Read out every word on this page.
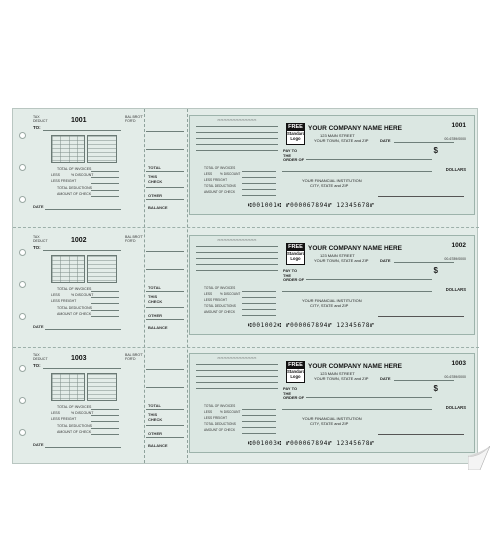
TAX DEDUCT	1001	BAL BRO'T FOR'D
TO:
TOTAL OF INVOICES
LESS	% DISCOUNT
LESS FREIGHT
TOTAL DEDUCTIONS
AMOUNT OF CHECK
DATE
TOTAL
THIS CHECK
OTHER
BALANCE
▭▭▭▭▭▭▭▭▭▭▭▭▭
TOTAL OF INVOICES
LESS % DISCOUNT
LESS FREIGHT
TOTAL DEDUCTIONS
AMOUNT OF CHECK
FREE
Standard Logo
YOUR COMPANY NAME HERE
123 MAIN STREET
YOUR TOWN, STATE and ZIP
1001
00-6789/0000
DATE
PAY TO THE ORDER OF
$
DOLLARS
YOUR FINANCIAL INSTITUTION
CITY, STATE and ZIP
⑆001001⑆ ⑈000067894⑈ 12345678⑈
TAX DEDUCT	1002	BAL BRO'T FOR'D
TO:
TOTAL OF INVOICES
LESS	% DISCOUNT
LESS FREIGHT
TOTAL DEDUCTIONS
AMOUNT OF CHECK
DATE
TOTAL
THIS CHECK
OTHER
BALANCE
▭▭▭▭▭▭▭▭▭▭▭▭▭
TOTAL OF INVOICES
LESS % DISCOUNT
LESS FREIGHT
TOTAL DEDUCTIONS
AMOUNT OF CHECK
FREE
Standard Logo
YOUR COMPANY NAME HERE
123 MAIN STREET
YOUR TOWN, STATE and ZIP
1002
00-6789/0000
DATE
PAY TO THE ORDER OF
$
DOLLARS
YOUR FINANCIAL INSTITUTION
CITY, STATE and ZIP
⑆001002⑆ ⑈000067894⑈ 12345678⑈
TAX DEDUCT	1003	BAL BRO'T FOR'D
TO:
TOTAL OF INVOICES
LESS	% DISCOUNT
LESS FREIGHT
TOTAL DEDUCTIONS
AMOUNT OF CHECK
DATE
TOTAL
THIS CHECK
OTHER
BALANCE
▭▭▭▭▭▭▭▭▭▭▭▭▭
TOTAL OF INVOICES
LESS % DISCOUNT
LESS FREIGHT
TOTAL DEDUCTIONS
AMOUNT OF CHECK
FREE
Standard Logo
YOUR COMPANY NAME HERE
123 MAIN STREET
YOUR TOWN, STATE and ZIP
1003
00-6789/0000
DATE
PAY TO THE ORDER OF
$
DOLLARS
YOUR FINANCIAL INSTITUTION
CITY, STATE and ZIP
⑆001003⑆ ⑈000067894⑈ 12345678⑈
